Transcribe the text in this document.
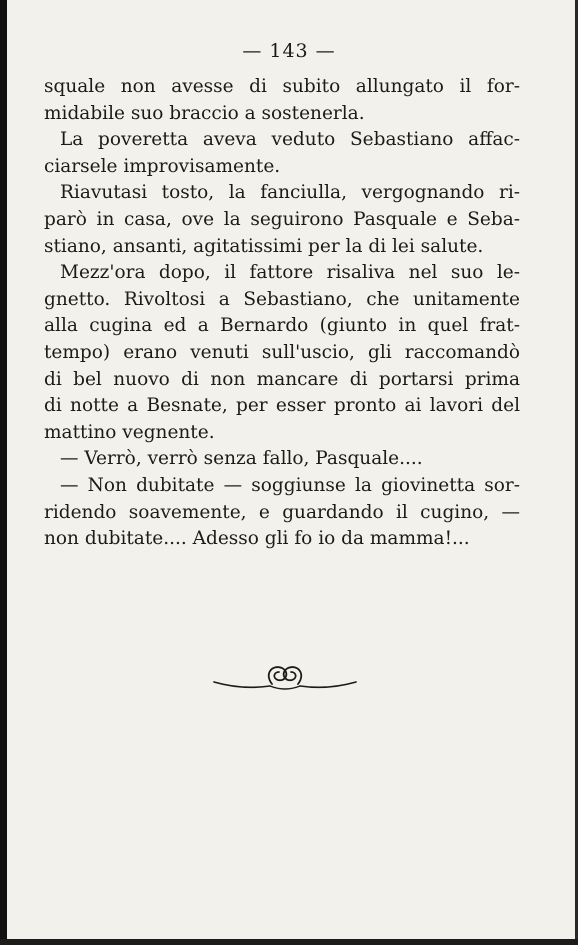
— 143 —
squale non avesse di subito allungato il for-
midabile suo braccio a sostenerla.
La poveretta aveva veduto Sebastiano affac-
ciarsele improvisamente.
Riavutasi tosto, la fanciulla, vergognando ri-
parò in casa, ove la seguirono Pasquale e Seba-
stiano, ansanti, agitatissimi per la di lei salute.
Mezz'ora dopo, il fattore risaliva nel suo le-
gnetto. Rivoltosi a Sebastiano, che unitamente
alla cugina ed a Bernardo (giunto in quel frat-
tempo) erano venuti sull'uscio, gli raccomandò
di bel nuovo di non mancare di portarsi prima
di notte a Besnate, per esser pronto ai lavori del
mattino vegnente.
— Verrò, verrò senza fallo, Pasquale....
— Non dubitate — soggiunse la giovinetta sor-
ridendo soavemente, e guardando il cugino, —
non dubitate.... Adesso gli fo io da mamma!...
